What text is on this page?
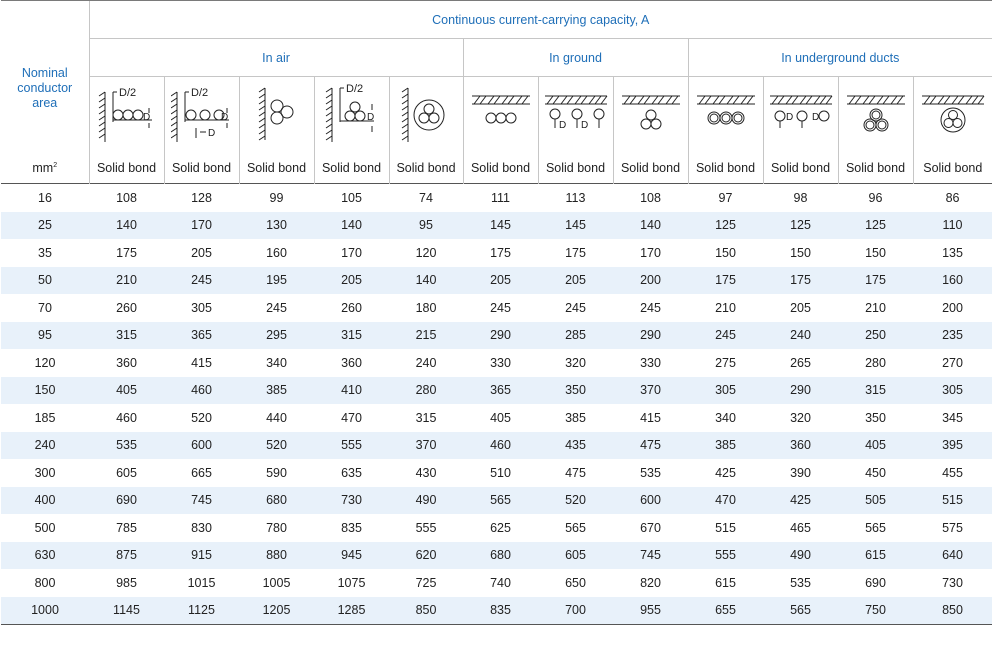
Nominal conductor area	Continuous current-carrying capacity, A											
	In air					In ground			In underground ducts			

D/2
D	D/2
D
D		D/2
D			D D			D D

$mm^2$	Solid bond	Solid bond	Solid bond	Solid bond	Solid bond	Solid bond	Solid bond	Solid bond	Solid bond	Solid bond	Solid bond	Solid bond
16	108	128	99	105	74	111	113	108	97	98	96	86
25	140	170	130	140	95	145	145	140	125	125	125	110
35	175	205	160	170	120	175	175	170	150	150	150	135
50	210	245	195	205	140	205	205	200	175	175	175	160
70	260	305	245	260	180	245	245	245	210	205	210	200
95	315	365	295	315	215	290	285	290	245	240	250	235
120	360	415	340	360	240	330	320	330	275	265	280	270
150	405	460	385	410	280	365	350	370	305	290	315	305
185	460	520	440	470	315	405	385	415	340	320	350	345
240	535	600	520	555	370	460	435	475	385	360	405	395
300	605	665	590	635	430	510	475	535	425	390	450	455
400	690	745	680	730	490	565	520	600	470	425	505	515
500	785	830	780	835	555	625	565	670	515	465	565	575
630	875	915	880	945	620	680	605	745	555	490	615	640
800	985	1015	1005	1075	725	740	650	820	615	535	690	730
1000	1145	1125	1205	1285	850	835	700	955	655	565	750	850
